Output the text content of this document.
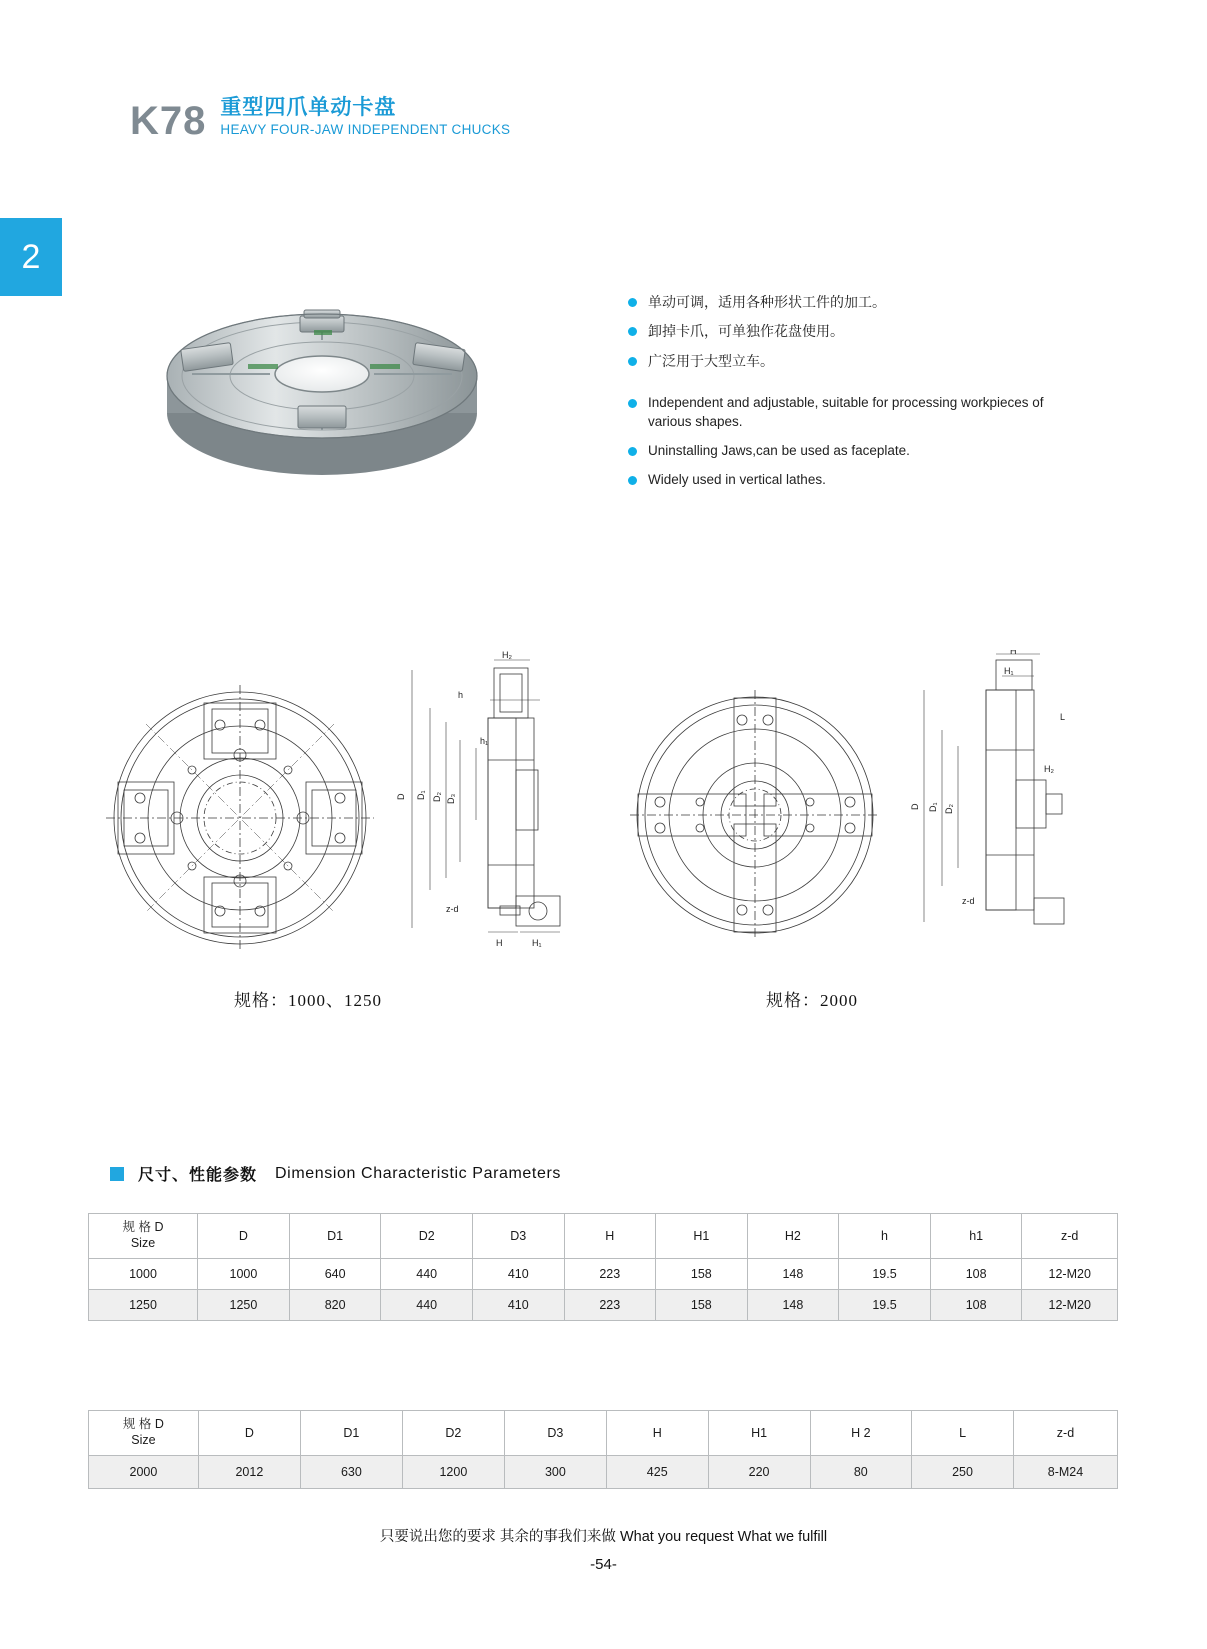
K78 重型四爪单动卡盘
HEAVY FOUR-JAW INDEPENDENT CHUCKS
2
单动可调，适用各种形状工件的加工。
卸掉卡爪，可单独作花盘使用。
广泛用于大型立车。
Independent and adjustable, suitable for processing workpieces of various shapes.
Uninstalling Jaws,can be used as faceplate.
Widely used in vertical lathes.
H₂
h
h₁
D D₁ D₂ D₃
z-d
H	H₁
H
H₁
L
H₂
D D₁ D₂
z-d
规格：1000、1250	规格：2000
尺寸、性能参数 Dimension Characteristic Parameters
规 格 D
Size	D	D1	D2	D3	H	H1	H2	h	h1	z-d
1000	1000	640	440	410	223	158	148	19.5	108	12-M20
1250	1250	820	440	410	223	158	148	19.5	108	12-M20
规 格 D
Size	D	D1	D2	D3	H	H1	H 2	L	z-d
2000	2012	630	1200	300	425	220	80	250	8-M24
只要说出您的要求 其余的事我们来做 What you request What we fulfill
-54-
